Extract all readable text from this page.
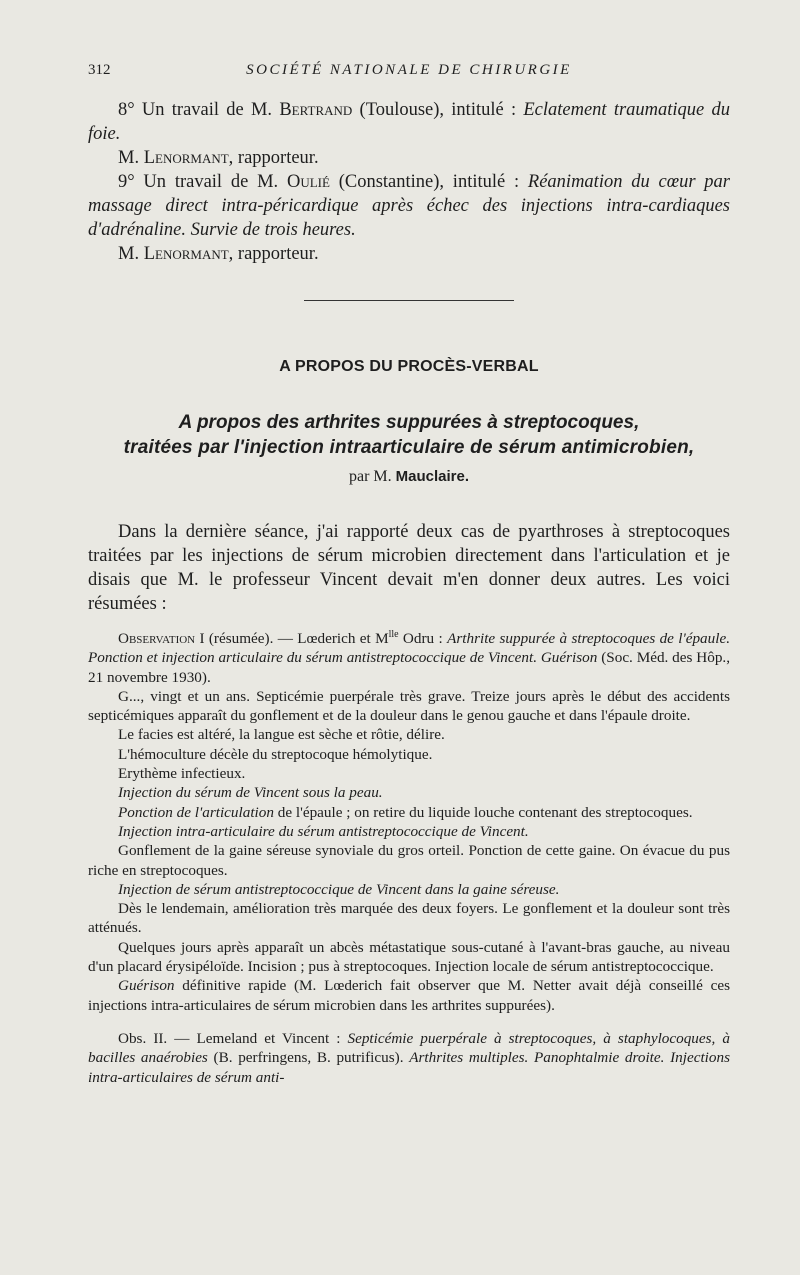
312	SOCIÉTÉ NATIONALE DE CHIRURGIE

8° Un travail de M. Bertrand (Toulouse), intitulé : Eclatement traumatique du foie.

M. Lenormant, rapporteur.

9° Un travail de M. Oulié (Constantine), intitulé : Réanimation du cœur par massage direct intra-péricardique après échec des injections intra-cardiaques d'adrénaline. Survie de trois heures.

M. Lenormant, rapporteur.

A PROPOS DU PROCÈS-VERBAL
A propos des arthrites suppurées à streptocoques,
traitées par l'injection intraarticulaire de sérum antimicrobien,
par M. Mauclaire.

Dans la dernière séance, j'ai rapporté deux cas de pyarthroses à streptocoques traitées par les injections de sérum microbien directement dans l'articulation et je disais que M. le professeur Vincent devait m'en donner deux autres. Les voici résumées :

Observation I (résumée). — Lœderich et $M^{lle}$ Odru : Arthrite suppurée à streptocoques de l'épaule. Ponction et injection articulaire du sérum antistreptococcique de Vincent. Guérison (Soc. Méd. des Hôp., 21 novembre 1930).

G..., vingt et un ans. Septicémie puerpérale très grave. Treize jours après le début des accidents septicémiques apparaît du gonflement et de la douleur dans le genou gauche et dans l'épaule droite.

Le facies est altéré, la langue est sèche et rôtie, délire.

L'hémoculture décèle du streptocoque hémolytique.

Erythème infectieux.

Injection du sérum de Vincent sous la peau.

Ponction de l'articulation de l'épaule ; on retire du liquide louche contenant des streptocoques.

Injection intra-articulaire du sérum antistreptococcique de Vincent.

Gonflement de la gaine séreuse synoviale du gros orteil. Ponction de cette gaine. On évacue du pus riche en streptocoques.

Injection de sérum antistreptococcique de Vincent dans la gaine séreuse.

Dès le lendemain, amélioration très marquée des deux foyers. Le gonflement et la douleur sont très atténués.

Quelques jours après apparaît un abcès métastatique sous-cutané à l'avant-bras gauche, au niveau d'un placard érysipéloïde. Incision ; pus à streptocoques. Injection locale de sérum antistreptococcique.

Guérison définitive rapide (M. Lœderich fait observer que M. Netter avait déjà conseillé ces injections intra-articulaires de sérum microbien dans les arthrites suppurées).

Obs. II. — Lemeland et Vincent : Septicémie puerpérale à streptocoques, à staphylocoques, à bacilles anaérobies (B. perfringens, B. putrificus). Arthrites multiples. Panophtalmie droite. Injections intra-articulaires de sérum anti-
